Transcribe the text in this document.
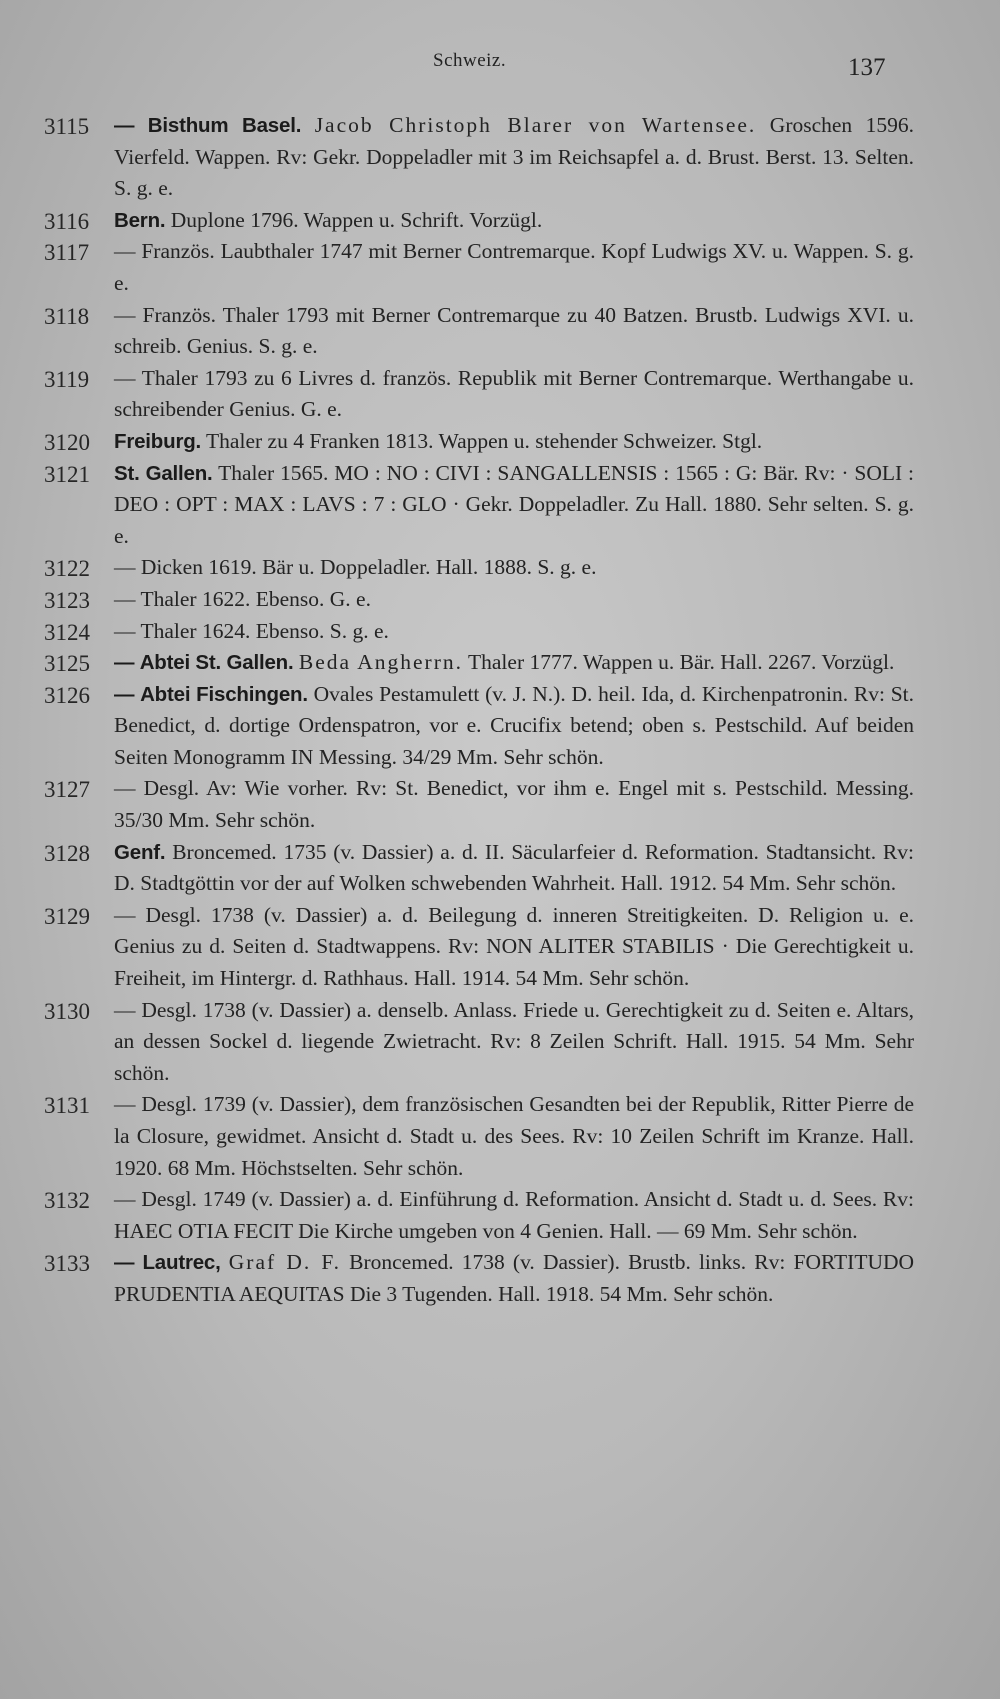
Schweiz.	137
3115	— Bisthum Basel. Jacob Christoph Blarer von Wartensee. Groschen 1596. Vierfeld. Wappen. Rv: Gekr. Doppeladler mit 3 im Reichsapfel a. d. Brust. Berst. 13. Selten. S. g. e.
3116	Bern. Duplone 1796. Wappen u. Schrift. Vorzügl.
3117	— Französ. Laubthaler 1747 mit Berner Contremarque. Kopf Ludwigs XV. u. Wappen. S. g. e.
3118	— Französ. Thaler 1793 mit Berner Contremarque zu 40 Batzen. Brustb. Ludwigs XVI. u. schreib. Genius. S. g. e.
3119	— Thaler 1793 zu 6 Livres d. französ. Republik mit Berner Contremarque. Werthangabe u. schreibender Genius. G. e.
3120	Freiburg. Thaler zu 4 Franken 1813. Wappen u. stehender Schweizer. Stgl.
3121	St. Gallen. Thaler 1565. MO : NO : CIVI : SANGALLENSIS : 1565 : G: Bär. Rv: · SOLI : DEO : OPT : MAX : LAVS : 7 : GLO · Gekr. Doppeladler. Zu Hall. 1880. Sehr selten. S. g. e.
3122	— Dicken 1619. Bär u. Doppeladler. Hall. 1888. S. g. e.
3123	— Thaler 1622. Ebenso. G. e.
3124	— Thaler 1624. Ebenso. S. g. e.
3125	— Abtei St. Gallen. Beda Angherrn. Thaler 1777. Wappen u. Bär. Hall. 2267. Vorzügl.
3126	— Abtei Fischingen. Ovales Pestamulett (v. J. N.). D. heil. Ida, d. Kirchenpatronin. Rv: St. Benedict, d. dortige Ordenspatron, vor e. Crucifix betend; oben s. Pestschild. Auf beiden Seiten Monogramm IN Messing. 34/29 Mm. Sehr schön.
3127	— Desgl. Av: Wie vorher. Rv: St. Benedict, vor ihm e. Engel mit s. Pestschild. Messing. 35/30 Mm. Sehr schön.
3128	Genf. Broncemed. 1735 (v. Dassier) a. d. II. Säcularfeier d. Reformation. Stadtansicht. Rv: D. Stadtgöttin vor der auf Wolken schwebenden Wahrheit. Hall. 1912. 54 Mm. Sehr schön.
3129	— Desgl. 1738 (v. Dassier) a. d. Beilegung d. inneren Streitigkeiten. D. Religion u. e. Genius zu d. Seiten d. Stadtwappens. Rv: NON ALITER STABILIS · Die Gerechtigkeit u. Freiheit, im Hintergr. d. Rathhaus. Hall. 1914. 54 Mm. Sehr schön.
3130	— Desgl. 1738 (v. Dassier) a. denselb. Anlass. Friede u. Gerechtigkeit zu d. Seiten e. Altars, an dessen Sockel d. liegende Zwietracht. Rv: 8 Zeilen Schrift. Hall. 1915. 54 Mm. Sehr schön.
3131	— Desgl. 1739 (v. Dassier), dem französischen Gesandten bei der Republik, Ritter Pierre de la Closure, gewidmet. Ansicht d. Stadt u. des Sees. Rv: 10 Zeilen Schrift im Kranze. Hall. 1920. 68 Mm. Höchstselten. Sehr schön.
3132	— Desgl. 1749 (v. Dassier) a. d. Einführung d. Reformation. Ansicht d. Stadt u. d. Sees. Rv: HAEC OTIA FECIT Die Kirche umgeben von 4 Genien. Hall. — 69 Mm. Sehr schön.
3133	— Lautrec, Graf D. F. Broncemed. 1738 (v. Dassier). Brustb. links. Rv: FORTITUDO PRUDENTIA AEQUITAS Die 3 Tugenden. Hall. 1918. 54 Mm. Sehr schön.
